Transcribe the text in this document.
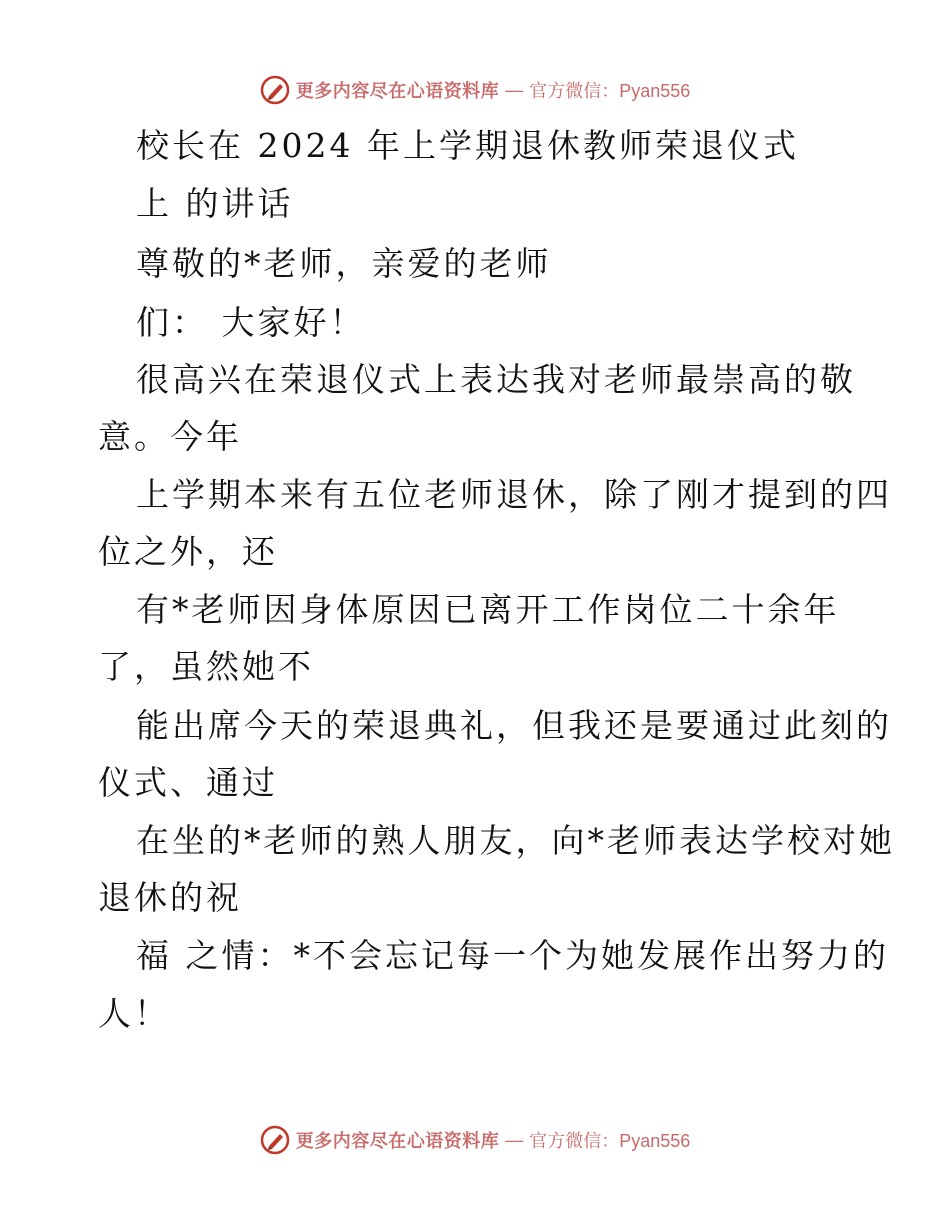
更多内容尽在心语资料库 — 官方微信：Pyan556
校长在 2024 年上学期退休教师荣退仪式
上 的讲话
尊敬的*老师，亲爱的老师
们： 大家好！
很高兴在荣退仪式上表达我对老师最崇高的敬
意。今年
上学期本来有五位老师退休，除了刚才提到的四
位之外，还
有*老师因身体原因已离开工作岗位二十余年
了，虽然她不
能出席今天的荣退典礼，但我还是要通过此刻的
仪式、通过
在坐的*老师的熟人朋友，向*老师表达学校对她
退休的祝
福 之情：*不会忘记每一个为她发展作出努力的
人！
更多内容尽在心语资料库 — 官方微信：Pyan556
